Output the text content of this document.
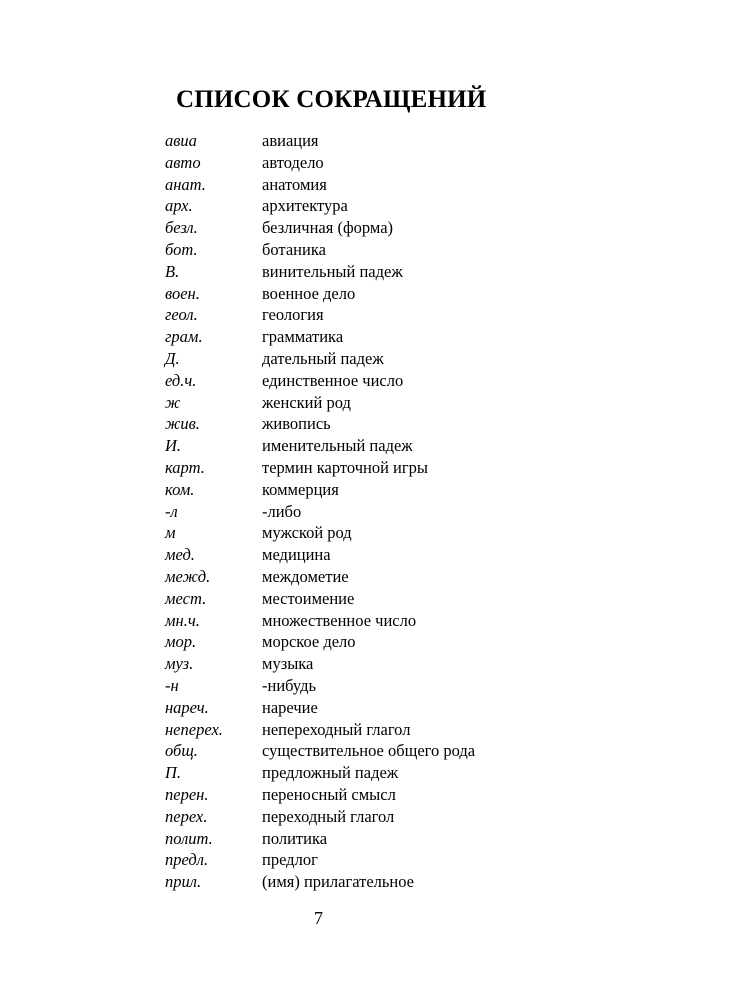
СПИСОК СОКРАЩЕНИЙ
авиа	авиация
авто	автодело
анат.	анатомия
арх.	архитектура
безл.	безличная (форма)
бот.	ботаника
В.	винительный падеж
воен.	военное дело
геол.	геология
грам.	грамматика
Д.	дательный падеж
ед.ч.	единственное число
ж	женский род
жив.	живопись
И.	именительный падеж
карт.	термин карточной игры
ком.	коммерция
-л	-либо
м	мужской род
мед.	медицина
межд.	междометие
мест.	местоимение
мн.ч.	множественное число
мор.	морское дело
муз.	музыка
-н	-нибудь
нареч.	наречие
неперех.	непереходный глагол
общ.	существительное общего рода
П.	предложный падеж
перен.	переносный смысл
перех.	переходный глагол
полит.	политика
предл.	предлог
прил.	(имя) прилагательное
7
